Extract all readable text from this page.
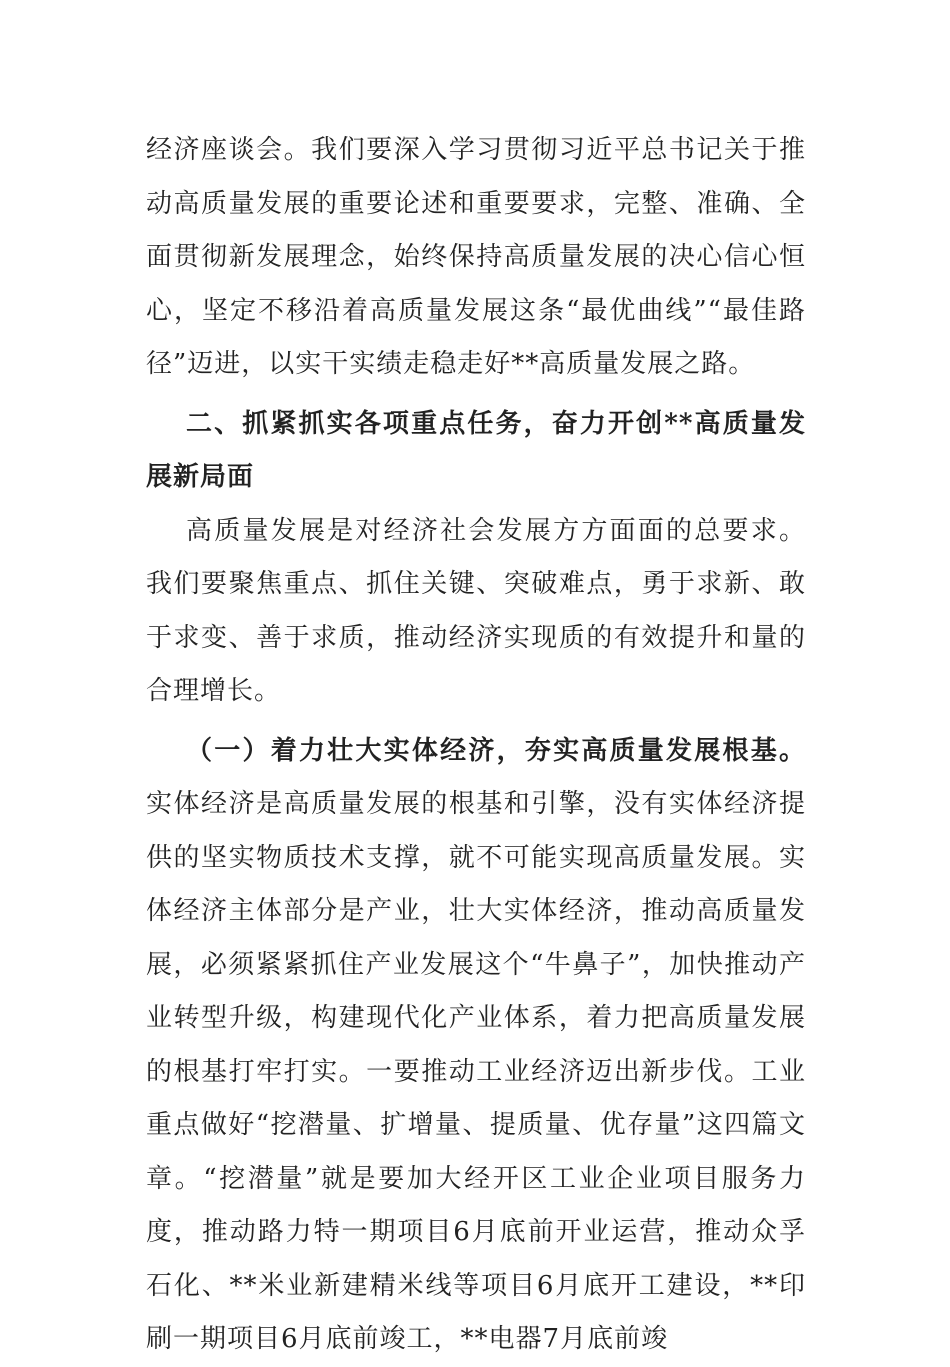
经济座谈会。我们要深入学习贯彻习近平总书记关于推动高质量发展的重要论述和重要要求，完整、准确、全面贯彻新发展理念，始终保持高质量发展的决心信心恒心，坚定不移沿着高质量发展这条“最优曲线”“最佳路径”迈进，以实干实绩走稳走好**高质量发展之路。

二、抓紧抓实各项重点任务，奋力开创**高质量发展新局面

高质量发展是对经济社会发展方方面面的总要求。我们要聚焦重点、抓住关键、突破难点，勇于求新、敢于求变、善于求质，推动经济实现质的有效提升和量的合理增长。

（一）着力壮大实体经济，夯实高质量发展根基。实体经济是高质量发展的根基和引擎，没有实体经济提供的坚实物质技术支撑，就不可能实现高质量发展。实体经济主体部分是产业，壮大实体经济，推动高质量发展，必须紧紧抓住产业发展这个“牛鼻子”，加快推动产业转型升级，构建现代化产业体系，着力把高质量发展的根基打牢打实。一要推动工业经济迈出新步伐。工业重点做好“挖潜量、扩增量、提质量、优存量”这四篇文章。“挖潜量”就是要加大经开区工业企业项目服务力度，推动路力特一期项目6月底前开业运营，推动众孚石化、**米业新建精米线等项目6月底开工建设，**印刷一期项目6月底前竣工，**电器7月底前竣
